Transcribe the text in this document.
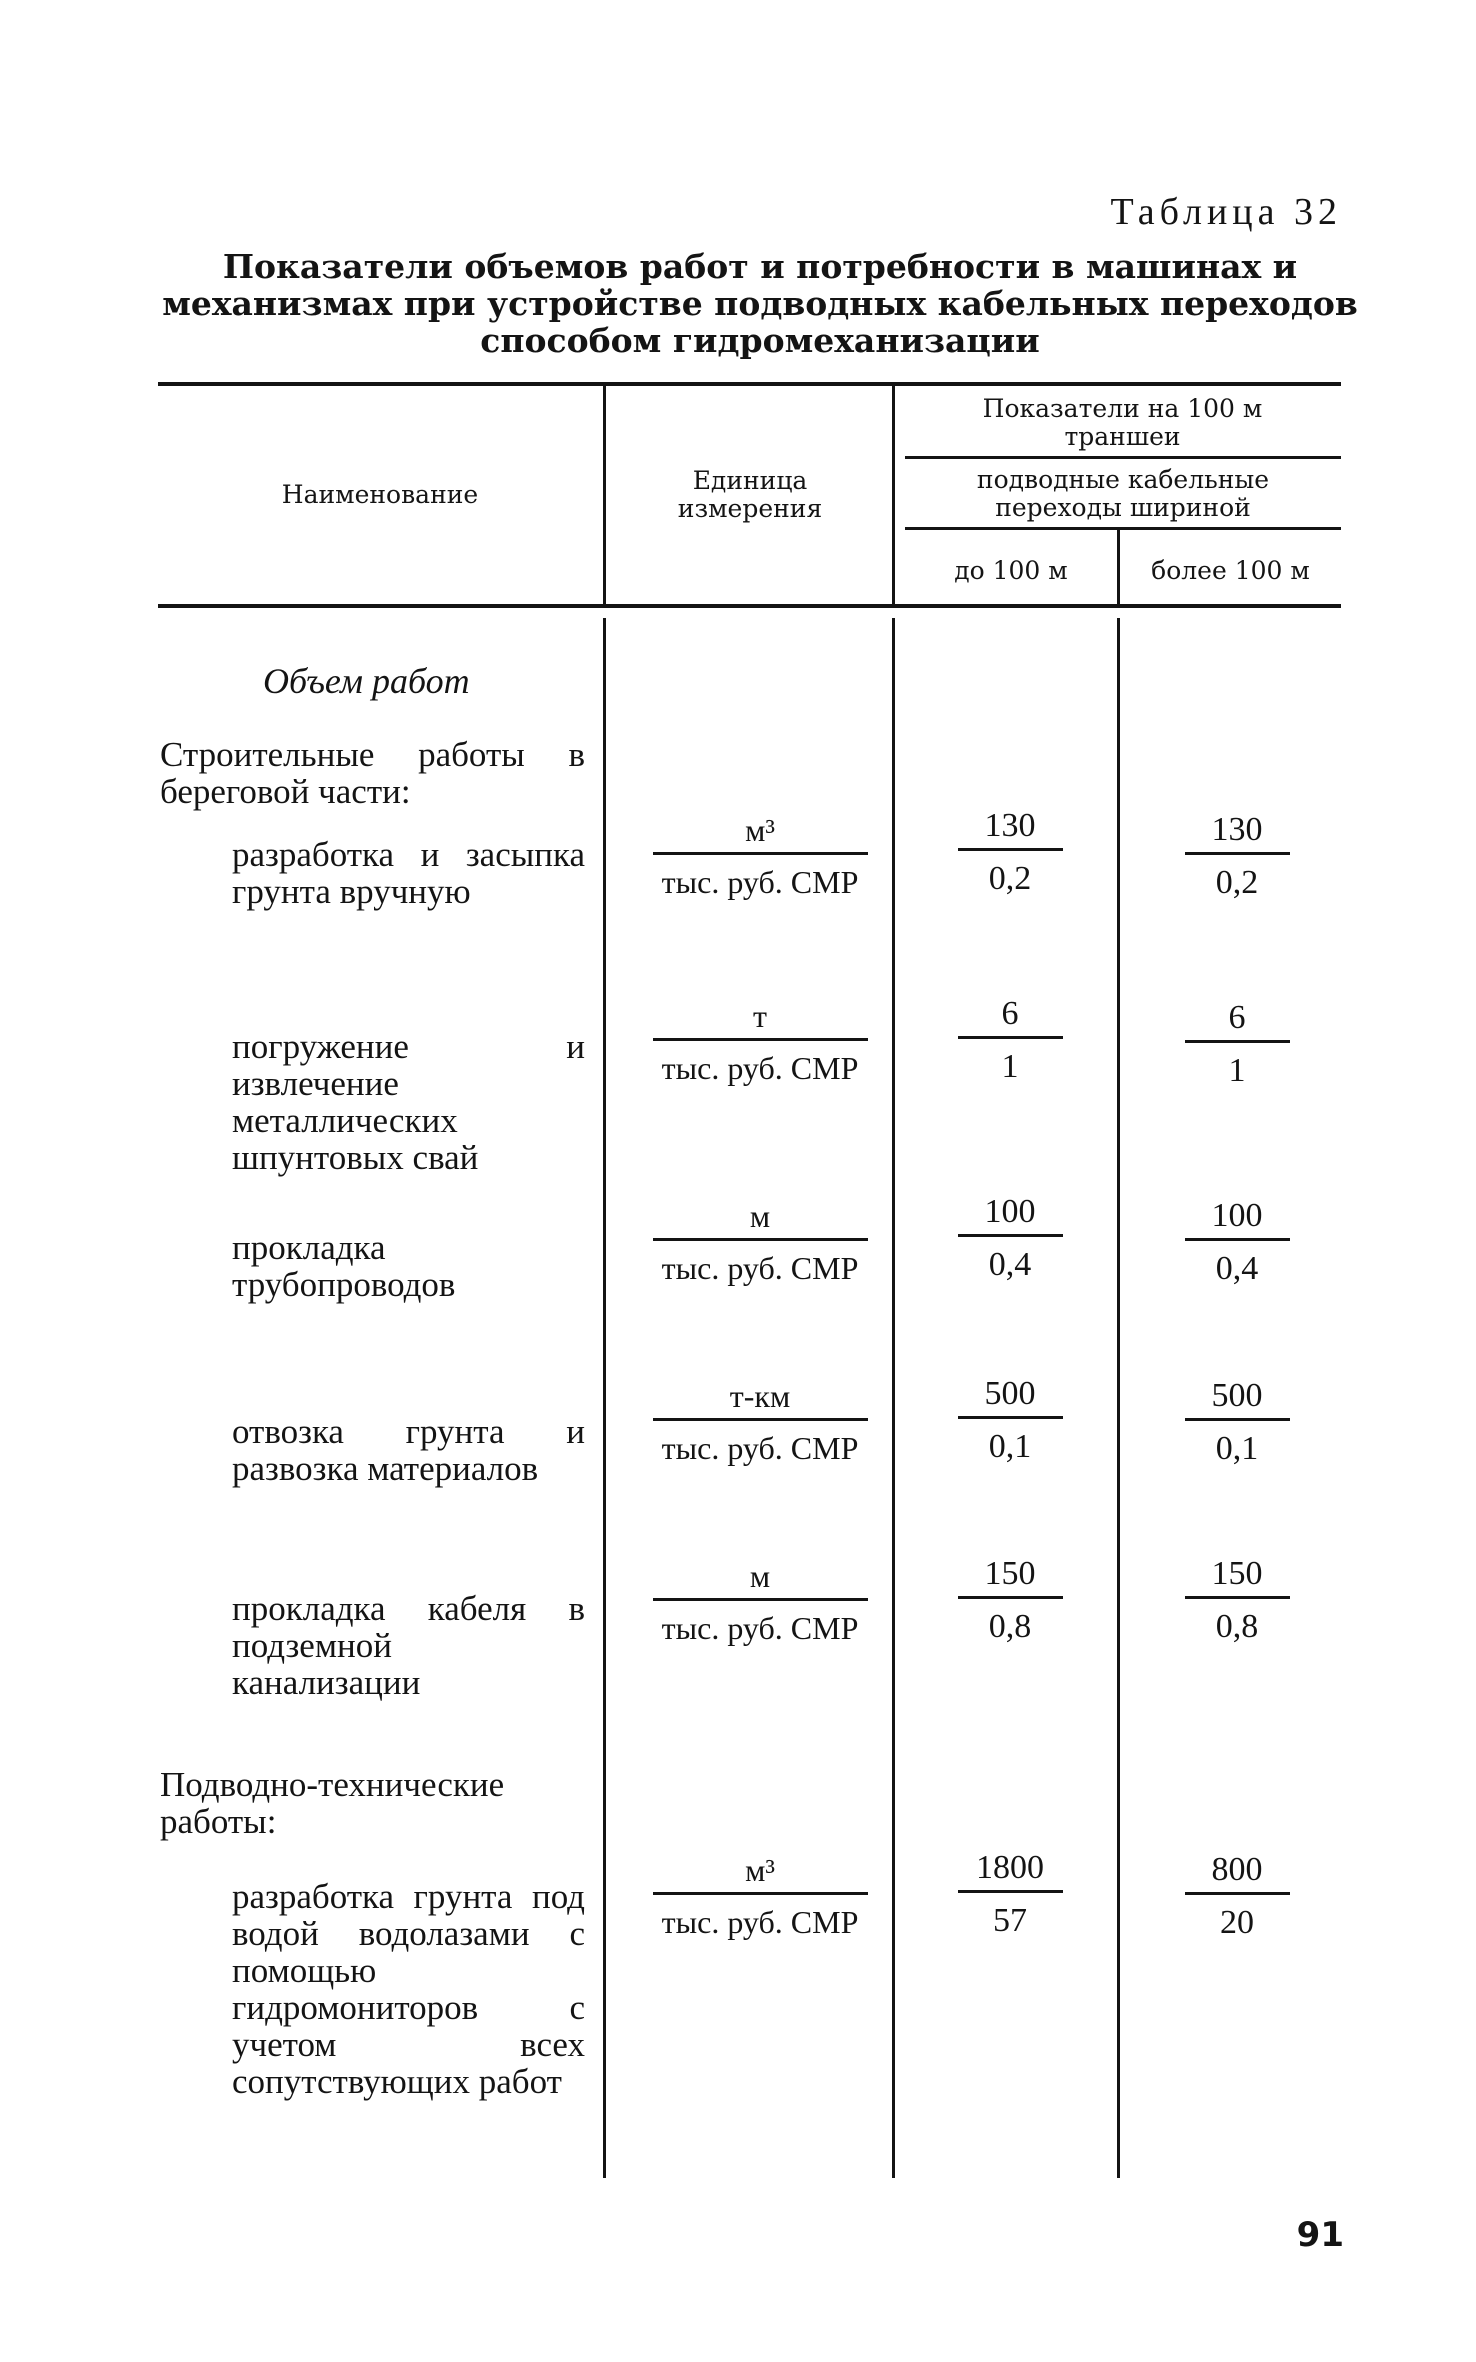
Таблица 32
Показатели объемов работ и потребности в машинах и механизмах при устройстве подводных кабельных переходов способом гидромеханизации
Наименование	Единица измерения
Показатели на 100 м траншеи
подводные кабельные переходы шириной
до 100 м	более 100 м
Объем работ
Строительные работы в береговой части:
Подводно-технические работы:
разработка и засыпка грунта вручную
м³
тыс. руб. СМР
130
0,2
130
0,2
погружение и извлечение металлических шпунтовых свай
т
тыс. руб. СМР
6
1
6
1
прокладка трубопроводов
м
тыс. руб. СМР
100
0,4
100
0,4
отвозка грунта и развозка материалов
т-км
тыс. руб. СМР
500
0,1
500
0,1
прокладка кабеля в подземной канализации
м
тыс. руб. СМР
150
0,8
150
0,8
разработка грунта под водой водолазами с помощью гидромониторов с учетом всех сопутствующих работ
м³
тыс. руб. СМР
1800
57
800
20
91
